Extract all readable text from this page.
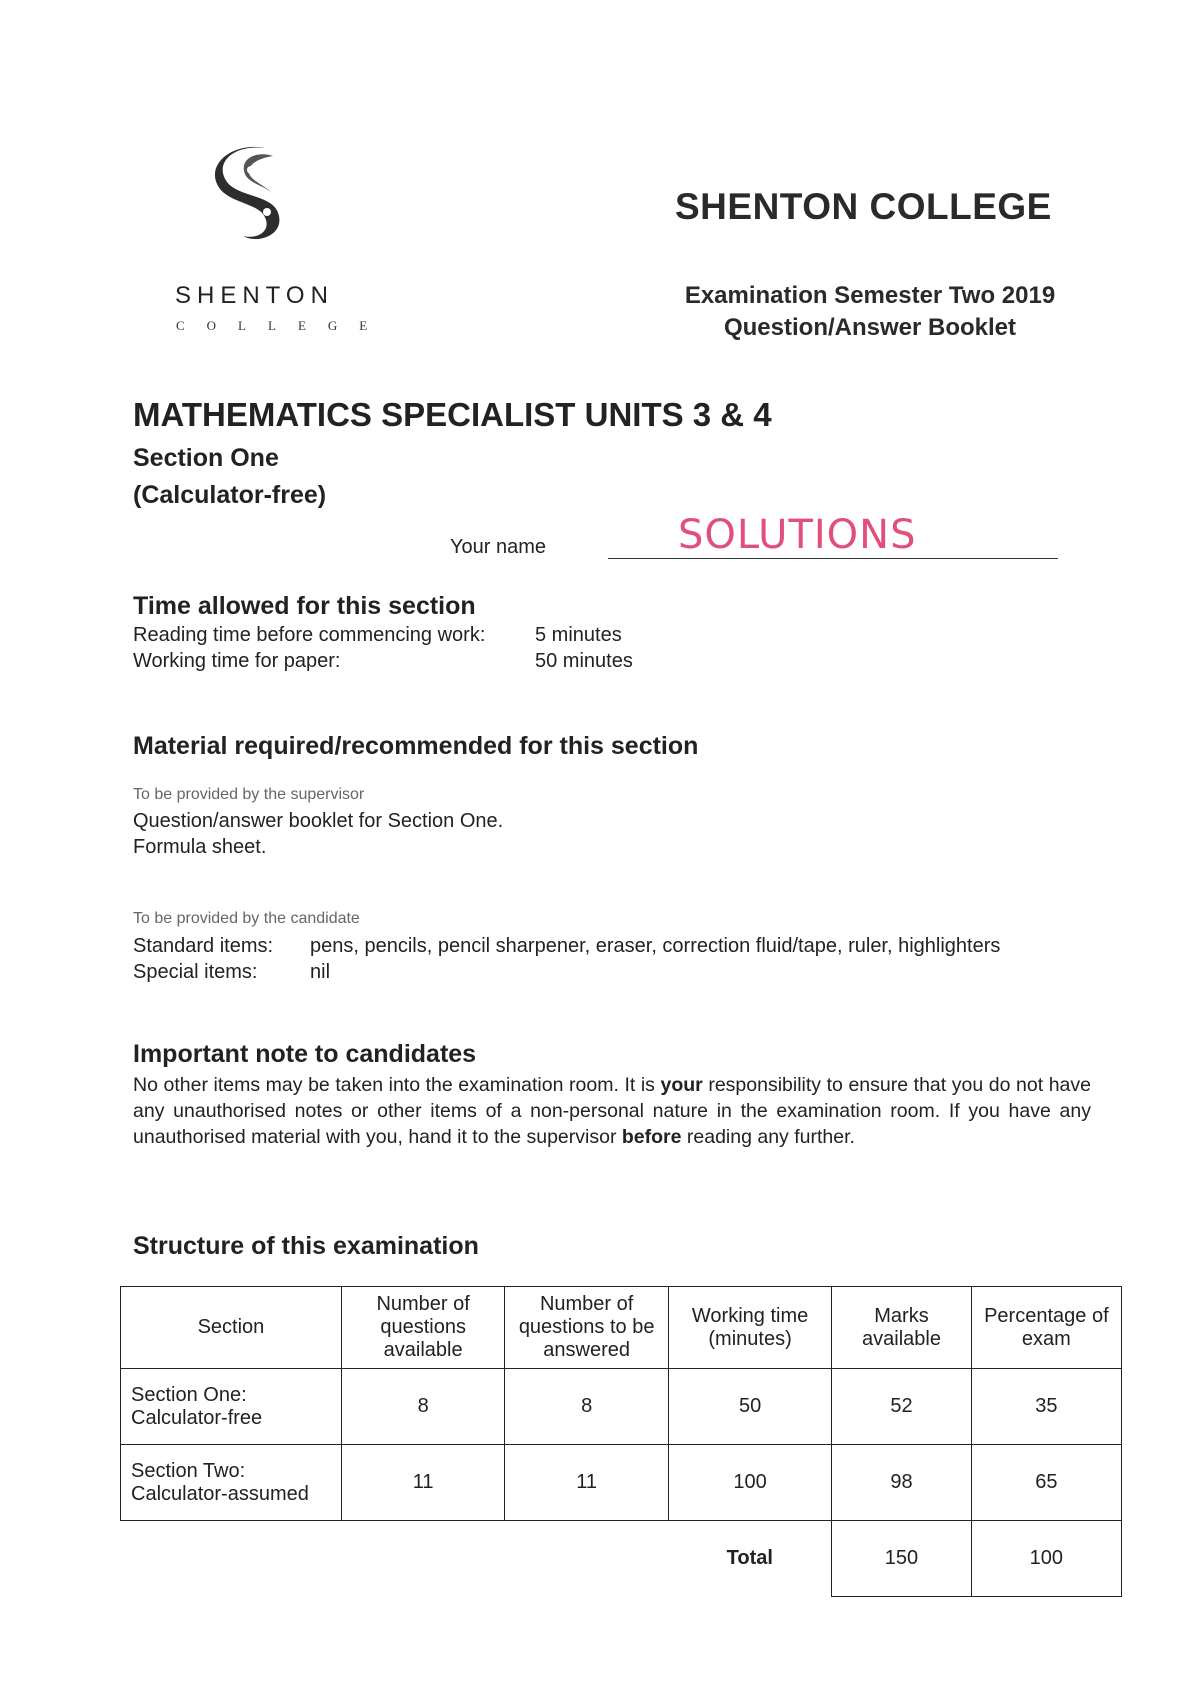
SHENTON
COLLEGE
SHENTON COLLEGE
Examination Semester Two 2019
Question/Answer Booklet
MATHEMATICS SPECIALIST UNITS 3 & 4
Section One
(Calculator-free)
Your name	SOLUTIONS
Time allowed for this section
Reading time before commencing work: 5 minutes
Working time for paper:	50 minutes
Material required/recommended for this section
To be provided by the supervisor
Question/answer booklet for Section One.
Formula sheet.
To be provided by the candidate
Standard items: pens, pencils, pencil sharpener, eraser, correction fluid/tape, ruler, highlighters
Special items:	nil
Important note to candidates
No other items may be taken into the examination room. It is your responsibility to ensure that you do not have any unauthorised notes or other items of a non-personal nature in the examination room. If you have any unauthorised material with you, hand it to the supervisor before reading any further.
Structure of this examination
Section	Number of questions available	Number of questions to be answered	Working time (minutes)	Marks available	Percentage of exam
Section One: Calculator-free	8	8	50	52	35
Section Two: Calculator-assumed	11	11	100	98	65
			Total	150	100
